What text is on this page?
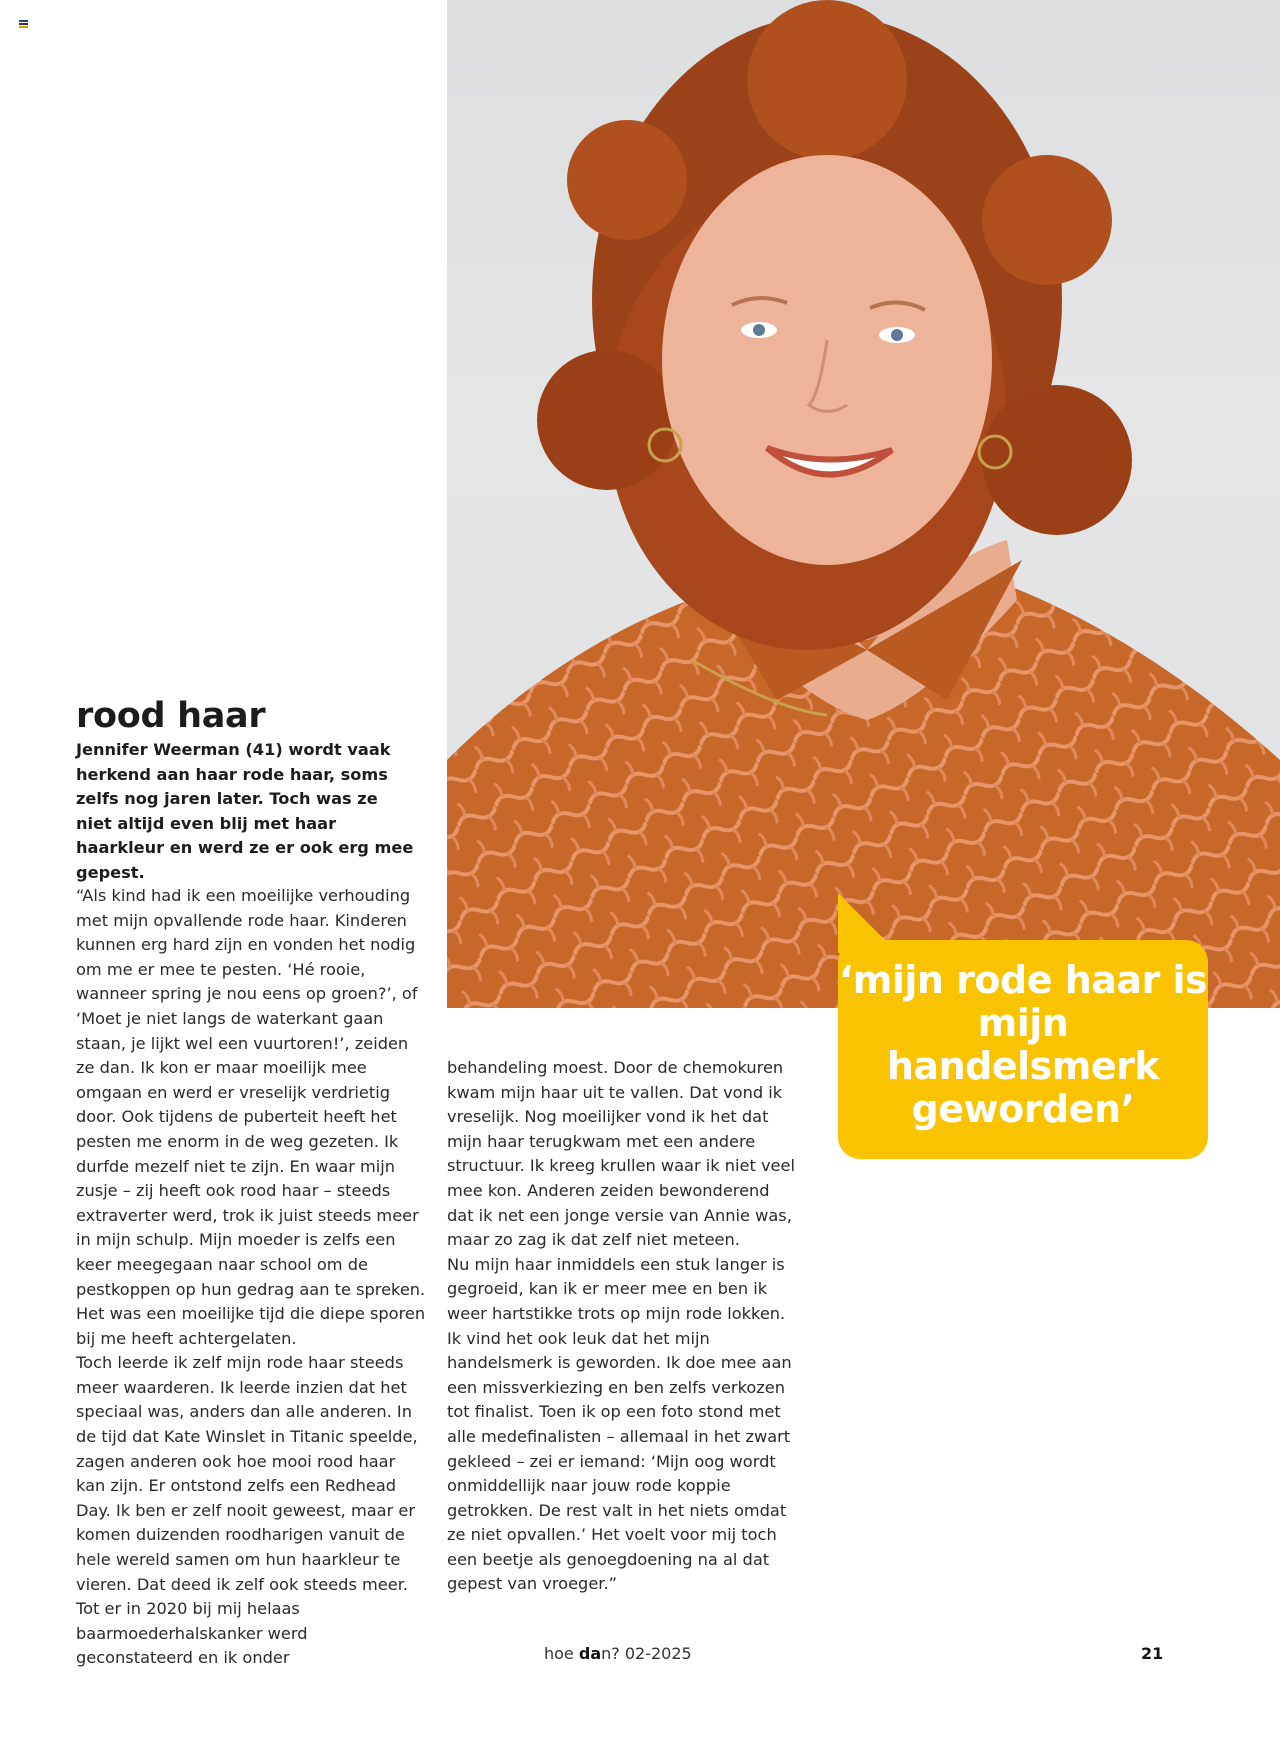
rood haar

Jennifer Weerman (41) wordt vaak herkend aan haar rode haar, soms zelfs nog jaren later. Toch was ze niet altijd even blij met haar haarkleur en werd ze er ook erg mee gepest.

“Als kind had ik een moeilijke verhouding met mijn opvallende rode haar. Kinderen kunnen erg hard zijn en vonden het nodig om me er mee te pesten. ‘Hé rooie, wanneer spring je nou eens op groen?’, of ‘Moet je niet langs de waterkant gaan staan, je lijkt wel een vuurtoren!’, zeiden ze dan. Ik kon er maar moeilijk mee omgaan en werd er vreselijk verdrietig door. Ook tijdens de puberteit heeft het pesten me enorm in de weg gezeten. Ik durfde mezelf niet te zijn. En waar mijn zusje – zij heeft ook rood haar – steeds extraverter werd, trok ik juist steeds meer in mijn schulp. Mijn moeder is zelfs een keer meegegaan naar school om de pestkoppen op hun gedrag aan te spreken. Het was een moeilijke tijd die diepe sporen bij me heeft achtergelaten.

Toch leerde ik zelf mijn rode haar steeds meer waarderen. Ik leerde inzien dat het speciaal was, anders dan alle anderen. In de tijd dat Kate Winslet in Titanic speelde, zagen anderen ook hoe mooi rood haar kan zijn. Er ontstond zelfs een Redhead Day. Ik ben er zelf nooit geweest, maar er komen duizenden roodharigen vanuit de hele wereld samen om hun haarkleur te vieren. Dat deed ik zelf ook steeds meer.

Tot er in 2020 bij mij helaas baarmoederhalskanker werd geconstateerd en ik onder

behandeling moest. Door de chemokuren kwam mijn haar uit te vallen. Dat vond ik vreselijk. Nog moeilijker vond ik het dat mijn haar terugkwam met een andere structuur. Ik kreeg krullen waar ik niet veel mee kon. Anderen zeiden bewonderend dat ik net een jonge versie van Annie was, maar zo zag ik dat zelf niet meteen.

Nu mijn haar inmiddels een stuk langer is gegroeid, kan ik er meer mee en ben ik weer hartstikke trots op mijn rode lokken. Ik vind het ook leuk dat het mijn handelsmerk is geworden. Ik doe mee aan een missverkiezing en ben zelfs verkozen tot finalist. Toen ik op een foto stond met alle medefinalisten – allemaal in het zwart gekleed – zei er iemand: ‘Mijn oog wordt onmiddellijk naar jouw rode koppie getrokken. De rest valt in het niets omdat ze niet opvallen.’ Het voelt voor mij toch een beetje als genoegdoening na al dat gepest van vroeger.”

‘mijn rode haar is mijn handelsmerk geworden’

hoe dan? 02-2025	21
